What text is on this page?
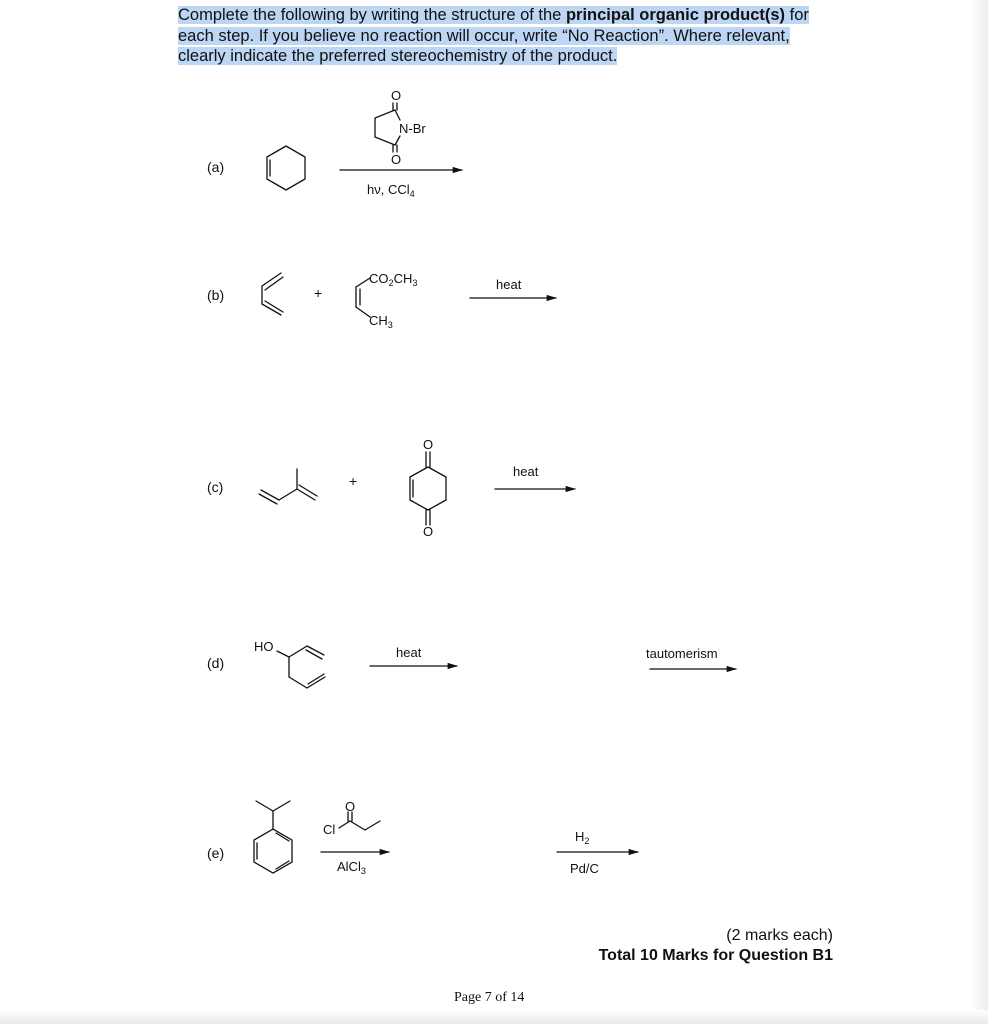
Complete the following by writing the structure of the principal organic product(s) for each step. If you believe no reaction will occur, write “No Reaction”. Where relevant, clearly indicate the preferred stereochemistry of the product.

(a)
O
N-Br
O
hν, CCl$_4$
(b)	+
$CO_2CH_3$
$CH_3$
heat
(c)	+
O
O
heat
(d)
HO	heat	tautomerism
(e)
O
Cl
AlCl$_3$
$H_2$
Pd/C
(2 marks each)
Total 10 Marks for Question B1
Page 7 of 14
